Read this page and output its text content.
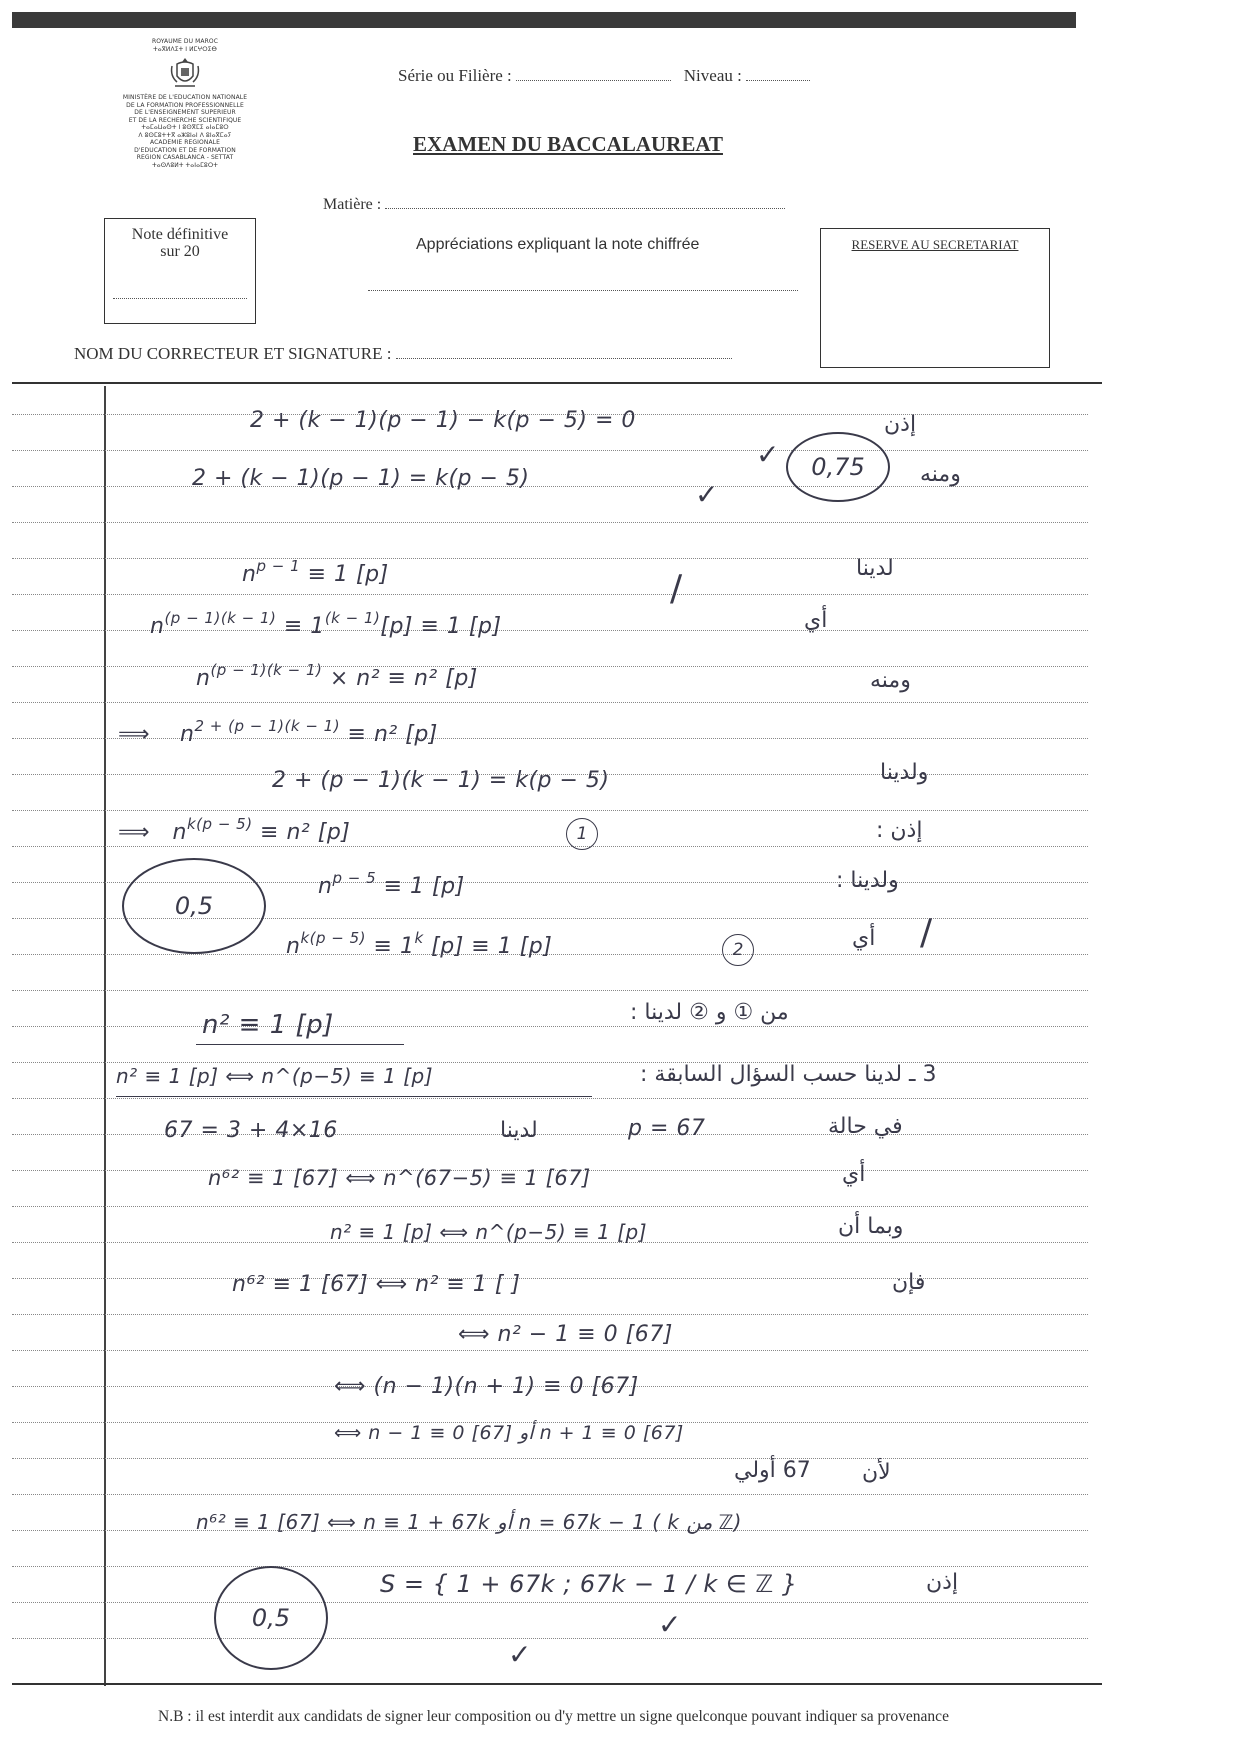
ROYAUME DU MAROC
ⵜⴰⴳⵍⴷⵉⵜ ⵏ ⵍⵎⵖⵔⵉⴱ
MINISTÈRE DE L'EDUCATION NATIONALE
DE LA FORMATION PROFESSIONNELLE
DE L'ENSEIGNEMENT SUPERIEUR
ET DE LA RECHERCHE SCIENTIFIQUE
ⵜⴰⵎⴰⵡⴰⵙⵜ ⵏ ⵓⵙⴳⵎⵉ ⴰⵏⴰⵎⵓⵔ
ⴷ ⵓⵙⵎⵓⵜⵜⴳ ⴰⵣⵓⵏⴰⵏ ⴷ ⵓⵏⴰⴳⵎⴰⵢ
ACADEMIE REGIONALE
D'EDUCATION ET DE FORMATION
REGION CASABLANCA - SETTAT
ⵜⴰⵙⴷⵓⵍⵜ ⵜⴰⵏⴰⵎⵓⵔⵜ
Série ou Filière :	Niveau :
EXAMEN DU BACCALAUREAT
Matière :
Note définitive
sur 20	Appréciations expliquant la note chiffrée	RESERVE AU SECRETARIAT
NOM DU CORRECTEUR ET SIGNATURE :
2 + (k − 1)(p − 1) − k(p − 5) = 0
2 + (k − 1)(p − 1) = k(p − 5)
✓
✓
0,75
إذن
ومنه
$n^{p - 1} \equiv 1$ [p]	/	لدينا
$n^{(p - 1)(k - 1)} \equiv 1^{(k - 1)}[p] \equiv 1$ [p]	أي
$n^{(p - 1)(k - 1)} \times n^2 \equiv n^2$ [p]	ومنه
⟹ $n^{2 + (p - 1)(k - 1)} \equiv n^2$ [p]
2 + (p − 1)(k − 1) = k(p − 5)	ولدينا
⟹ $n^{k(p - 5)} \equiv n^2$ [p]	1	إذن :
0,5
$n^{p - 5} \equiv 1$ [p]	ولدينا :
$n^{k(p - 5)} \equiv 1^k$ [p] ≡ 1 [p]	2	أي /
n² ≡ 1 [p]	من ① و ② لدينا :
n² ≡ 1 [p] ⟺ n^(p−5) ≡ 1 [p]	3 ـ لدينا حسب السؤال السابقة :
67 = 3 + 4×16	لدينا	p = 67	في حالة
n⁶² ≡ 1 [67] ⟺ n^(67−5) ≡ 1 [67]	أي
n² ≡ 1 [p] ⟺ n^(p−5) ≡ 1 [p]	وبما أن
n⁶² ≡ 1 [67] ⟺ n² ≡ 1 [ ]	فإن
⟺ n² − 1 ≡ 0 [67]
⟺ (n − 1)(n + 1) ≡ 0 [67]
⟺ n − 1 ≡ 0 [67] أو n + 1 ≡ 0 [67]
67 أولي لأن
n⁶² ≡ 1 [67] ⟺ n ≡ 1 + 67k أو n = 67k − 1 ( k من ℤ)
S = { 1 + 67k ; 67k − 1 / k ∈ ℤ }	إذن
0,5	✓
✓
N.B : il est interdit aux candidats de signer leur composition ou d'y mettre un signe quelconque pouvant indiquer sa provenance
